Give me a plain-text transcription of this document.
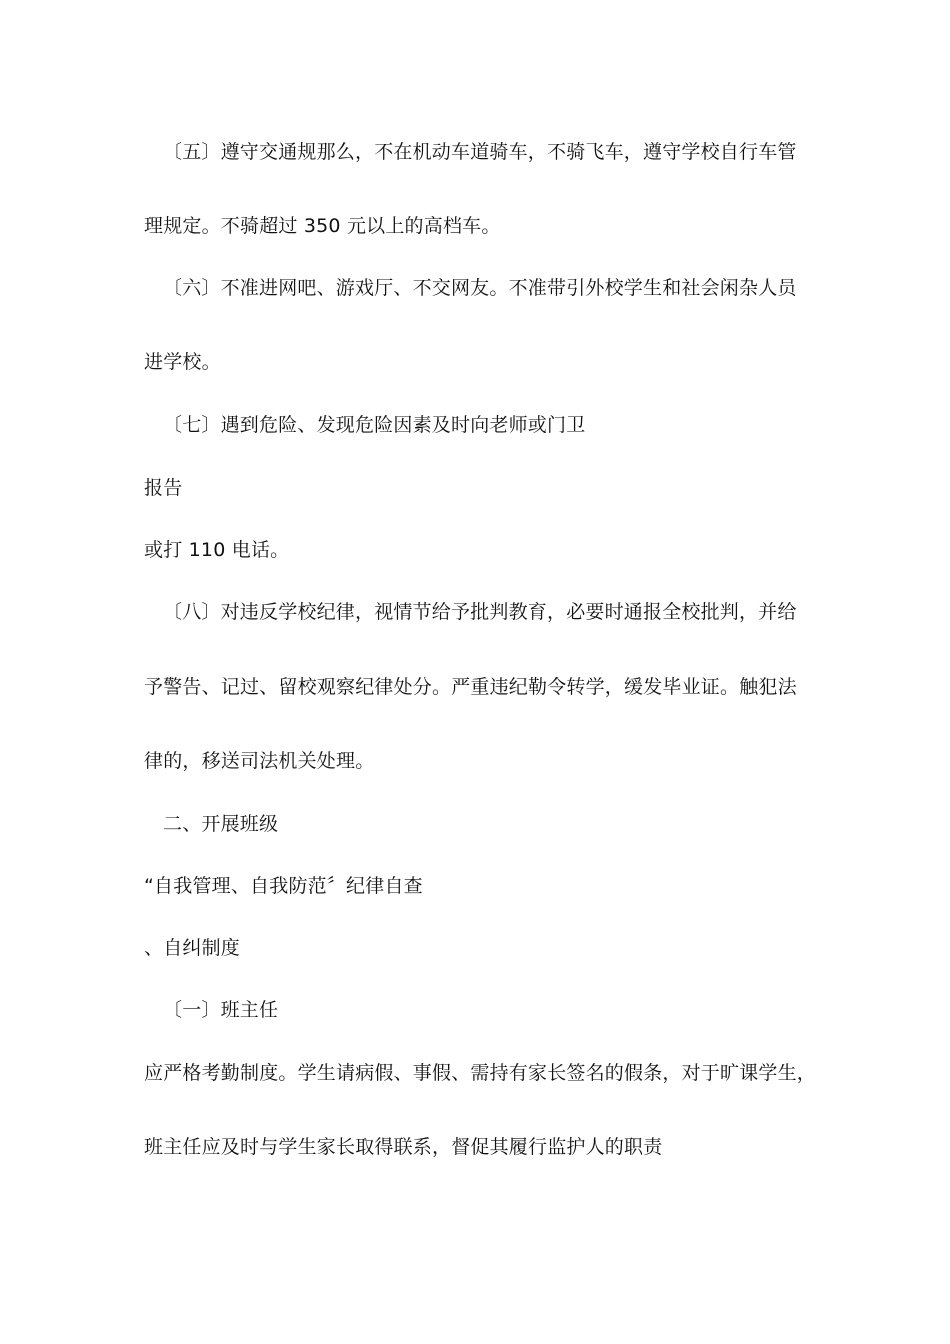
〔五〕遵守交通规那么，不在机动车道骑车，不骑飞车，遵守学校自行车管
理规定。不骑超过 350 元以上的高档车。
〔六〕不准进网吧、游戏厅、不交网友。不准带引外校学生和社会闲杂人员
进学校。
〔七〕遇到危险、发现危险因素及时向老师或门卫
报告
或打 110 电话。
〔八〕对违反学校纪律，视情节给予批判教育，必要时通报全校批判，并给
予警告、记过、留校观察纪律处分。严重违纪勒令转学，缓发毕业证。触犯法
律的，移送司法机关处理。
二、开展班级
“自我管理、自我防范〞纪律自查
、自纠制度
〔一〕班主任
应严格考勤制度。学生请病假、事假、需持有家长签名的假条，对于旷课学生，
班主任应及时与学生家长取得联系，督促其履行监护人的职责
